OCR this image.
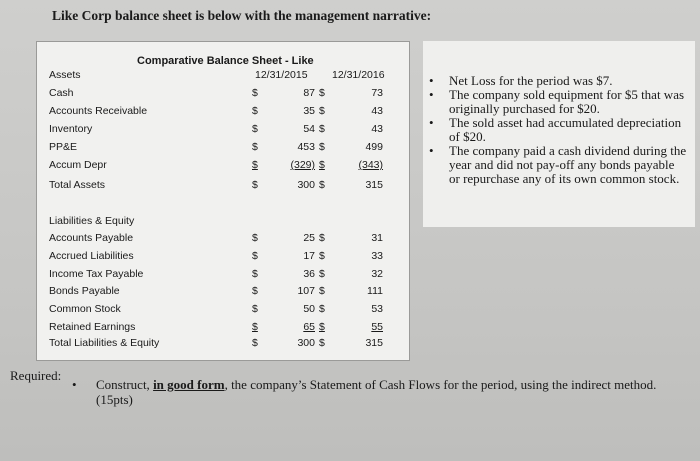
Like Corp balance sheet is below with the management narrative:
Comparative Balance Sheet - Like
Assets	12/31/2015 12/31/2016
Cash	$	87 $	73
Accounts Receivable	$	35 $	43
Inventory	$	54 $	43
PP&E	$	453 $	499
Accum Depr	$	(329) $	(343)
Total Assets	$	300 $	315
Liabilities & Equity
Accounts Payable	$	25 $	31
Accrued Liabilities	$	17 $	33
Income Tax Payable	$	36 $	32
Bonds Payable	$	107 $	111
Common Stock	$	50 $	53
Retained Earnings	$	65 $	55
Total Liabilities & Equity	$	300 $	315
• Net Loss for the period was $7.
• The company sold equipment for $5 that was originally purchased for $20.
• The sold asset had accumulated depreciation of $20.
• The company paid a cash dividend during the year and did not pay-off any bonds payable or repurchase any of its own common stock.
Required:
• Construct, in good form, the company’s Statement of Cash Flows for the period, using the indirect method. (15pts)
